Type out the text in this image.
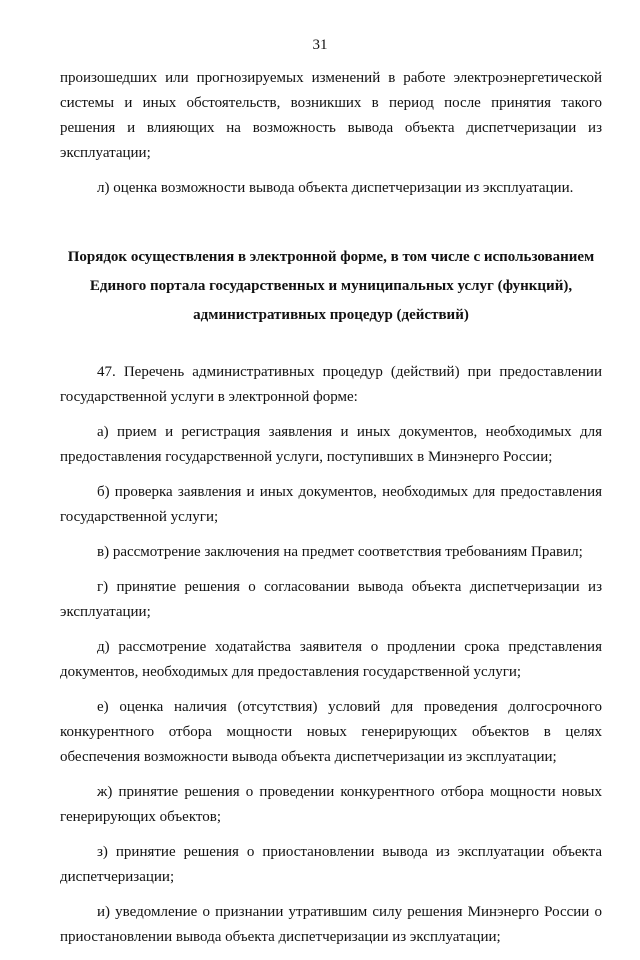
31

произошедших или прогнозируемых изменений в работе электроэнергетической системы и иных обстоятельств, возникших в период после принятия такого решения и влияющих на возможность вывода объекта диспетчеризации из эксплуатации;

л) оценка возможности вывода объекта диспетчеризации из эксплуатации.

Порядок осуществления в электронной форме, в том числе с использованием Единого портала государственных и муниципальных услуг (функций), административных процедур (действий)

47. Перечень административных процедур (действий) при предоставлении государственной услуги в электронной форме:

а) прием и регистрация заявления и иных документов, необходимых для предоставления государственной услуги, поступивших в Минэнерго России;

б) проверка заявления и иных документов, необходимых для предоставления государственной услуги;

в) рассмотрение заключения на предмет соответствия требованиям Правил;

г) принятие решения о согласовании вывода объекта диспетчеризации из эксплуатации;

д) рассмотрение ходатайства заявителя о продлении срока представления документов, необходимых для предоставления государственной услуги;

е) оценка наличия (отсутствия) условий для проведения долгосрочного конкурентного отбора мощности новых генерирующих объектов в целях обеспечения возможности вывода объекта диспетчеризации из эксплуатации;

ж) принятие решения о проведении конкурентного отбора мощности новых генерирующих объектов;

з) принятие решения о приостановлении вывода из эксплуатации объекта диспетчеризации;

и) уведомление о признании утратившим силу решения Минэнерго России о приостановлении вывода объекта диспетчеризации из эксплуатации;
